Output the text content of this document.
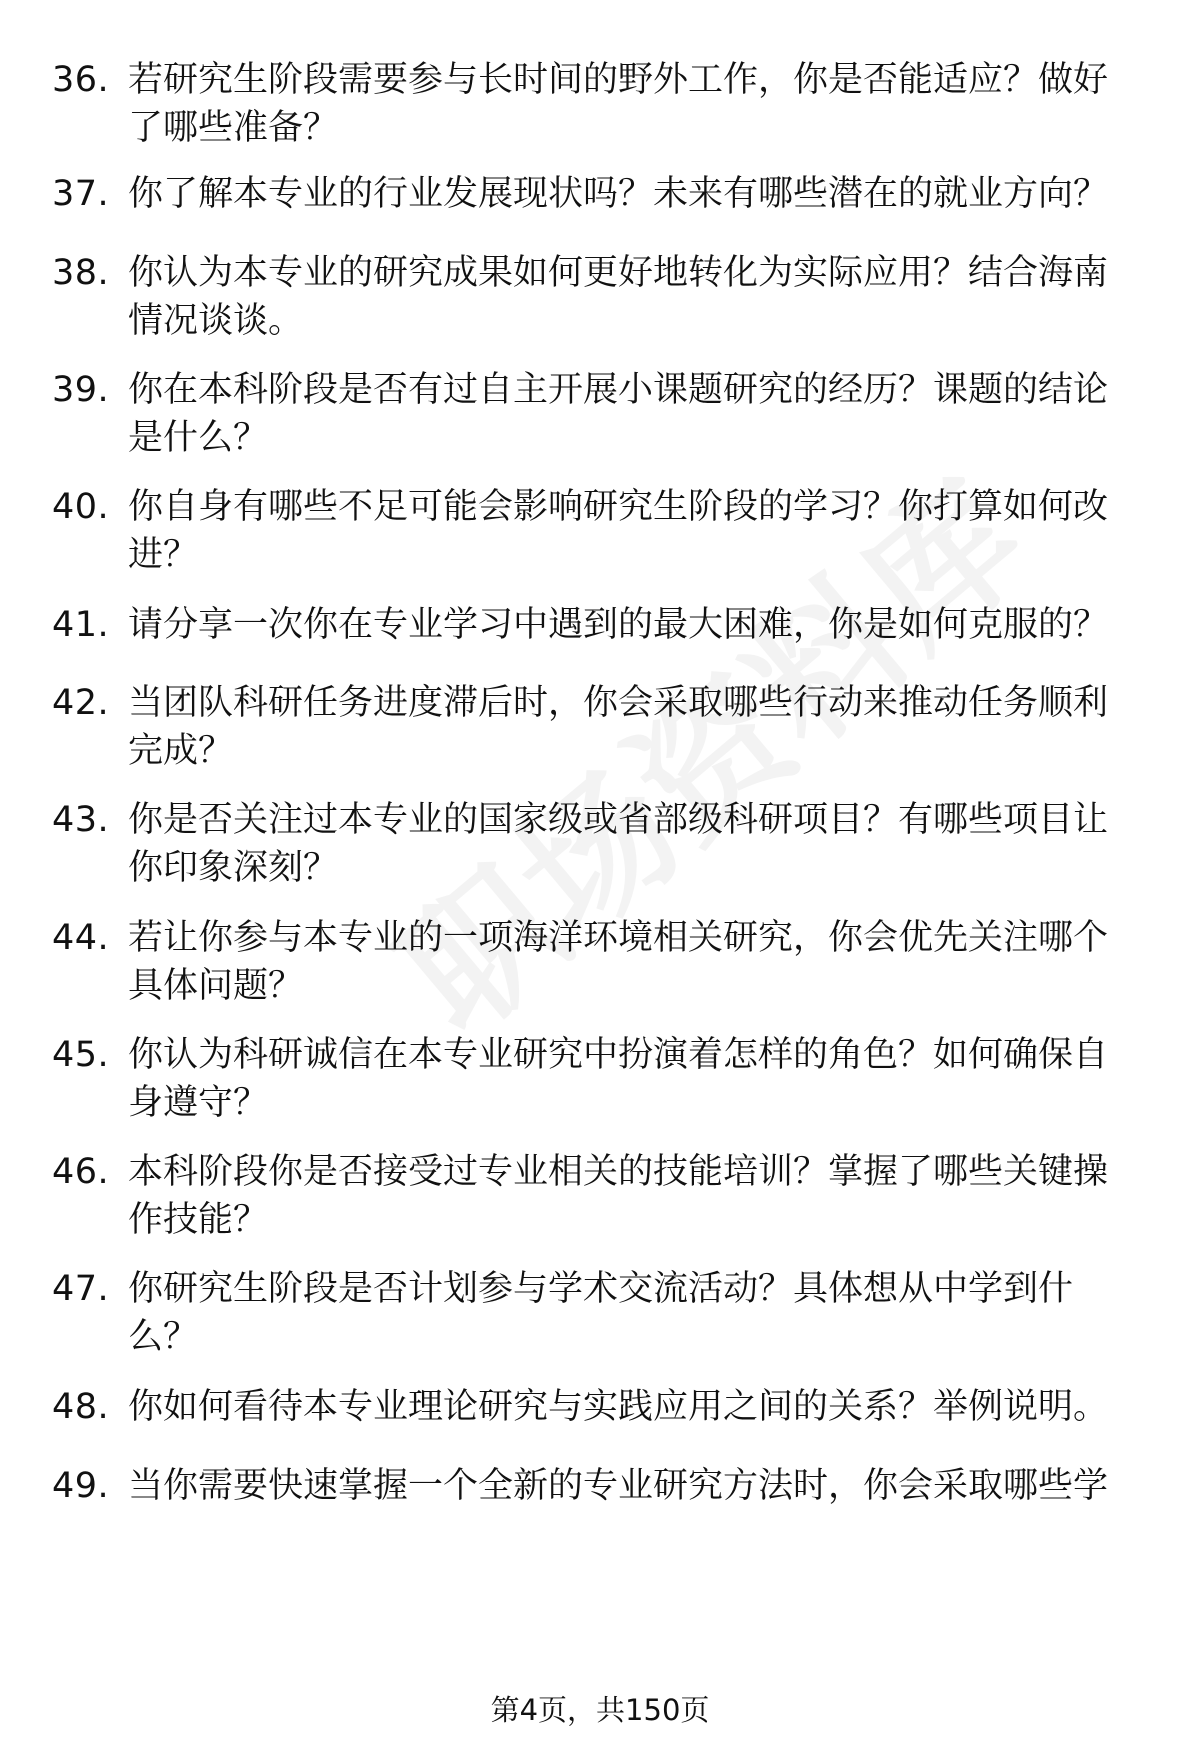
36. 若研究生阶段需要参与长时间的野外工作，你是否能适应？做好了哪些准备？
37. 你了解本专业的行业发展现状吗？未来有哪些潜在的就业方向？
38. 你认为本专业的研究成果如何更好地转化为实际应用？结合海南情况谈谈。
39. 你在本科阶段是否有过自主开展小课题研究的经历？课题的结论是什么？
40. 你自身有哪些不足可能会影响研究生阶段的学习？你打算如何改进？
41. 请分享一次你在专业学习中遇到的最大困难，你是如何克服的？
42. 当团队科研任务进度滞后时，你会采取哪些行动来推动任务顺利完成？
43. 你是否关注过本专业的国家级或省部级科研项目？有哪些项目让你印象深刻？
44. 若让你参与本专业的一项海洋环境相关研究，你会优先关注哪个具体问题？
45. 你认为科研诚信在本专业研究中扮演着怎样的角色？如何确保自身遵守？
46. 本科阶段你是否接受过专业相关的技能培训？掌握了哪些关键操作技能？
47. 你研究生阶段是否计划参与学术交流活动？具体想从中学到什么？
48. 你如何看待本专业理论研究与实践应用之间的关系？举例说明。
49. 当你需要快速掌握一个全新的专业研究方法时，你会采取哪些学
第4页，共150页
